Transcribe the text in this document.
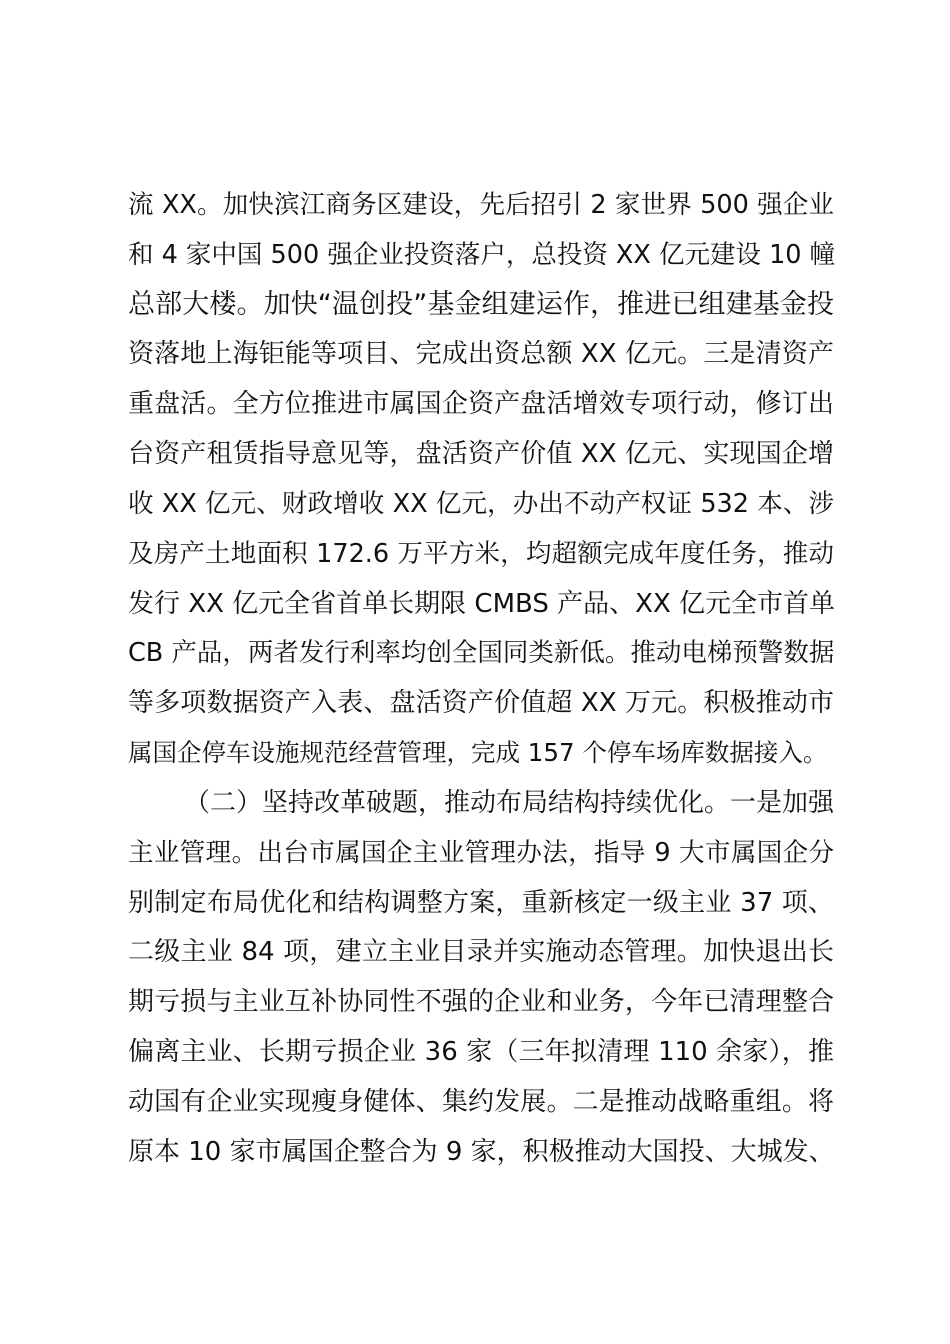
流 XX。加快滨江商务区建设，先后招引 2 家世界 500 强企业
和 4 家中国 500 强企业投资落户，总投资 XX 亿元建设 10 幢
总部大楼。加快“温创投”基金组建运作，推进已组建基金投
资落地上海钜能等项目、完成出资总额 XX 亿元。三是清资产
重盘活。全方位推进市属国企资产盘活增效专项行动，修订出
台资产租赁指导意见等，盘活资产价值 XX 亿元、实现国企增
收 XX 亿元、财政增收 XX 亿元，办出不动产权证 532 本、涉
及房产土地面积 172.6 万平方米，均超额完成年度任务，推动
发行 XX 亿元全省首单长期限 CMBS 产品、XX 亿元全市首单
CB 产品，两者发行利率均创全国同类新低。推动电梯预警数据
等多项数据资产入表、盘活资产价值超 XX 万元。积极推动市
属国企停车设施规范经营管理，完成 157 个停车场库数据接入。
（二）坚持改革破题，推动布局结构持续优化。一是加强
主业管理。出台市属国企主业管理办法，指导 9 大市属国企分
别制定布局优化和结构调整方案，重新核定一级主业 37 项、
二级主业 84 项，建立主业目录并实施动态管理。加快退出长
期亏损与主业互补协同性不强的企业和业务，今年已清理整合
偏离主业、长期亏损企业 36 家（三年拟清理 110 余家），推
动国有企业实现瘦身健体、集约发展。二是推动战略重组。将
原本 10 家市属国企整合为 9 家，积极推动大国投、大城发、
